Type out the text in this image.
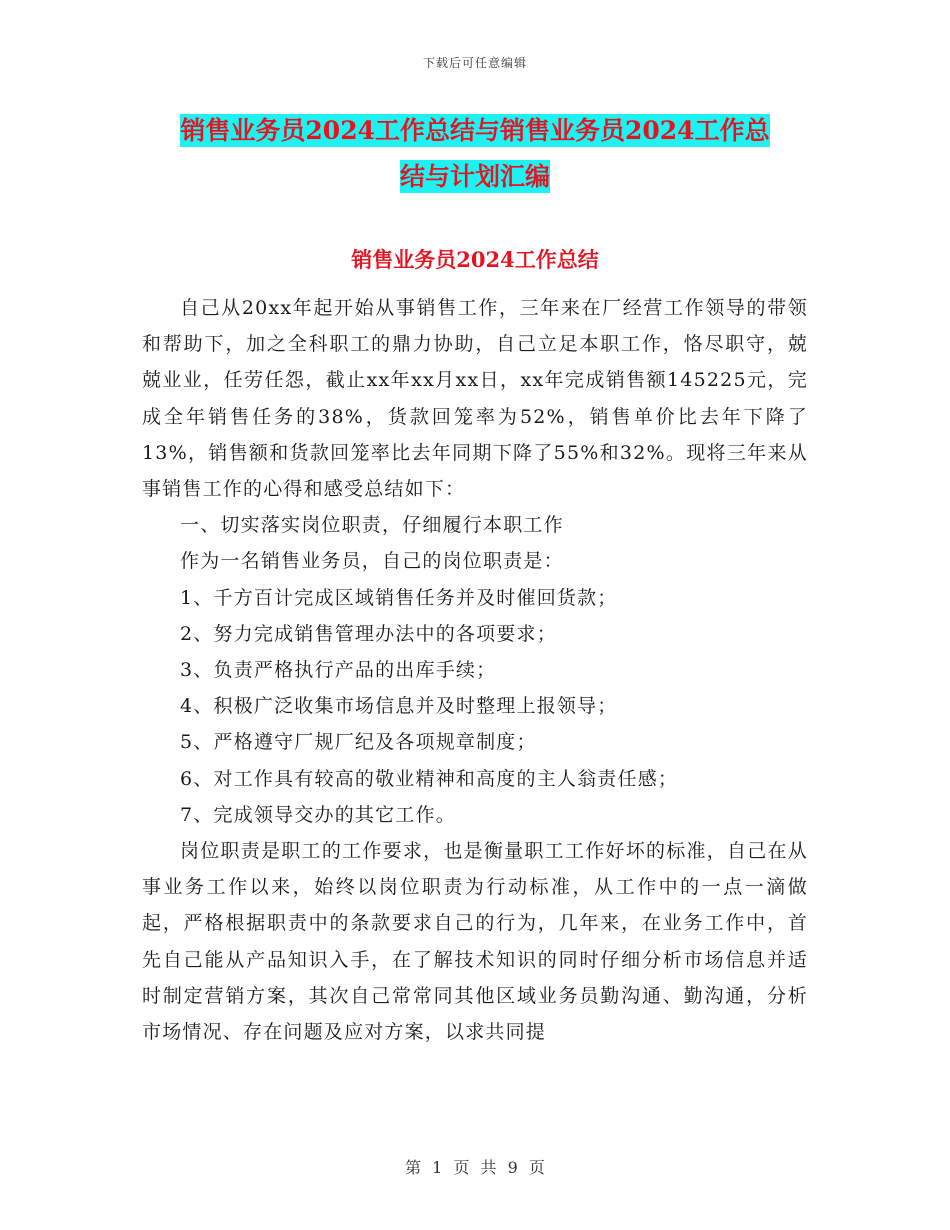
下载后可任意编辑
销售业务员2024工作总结与销售业务员2024工作总
结与计划汇编
销售业务员2024工作总结

自己从20xx年起开始从事销售工作，三年来在厂经营工作领导的带领和帮助下，加之全科职工的鼎力协助，自己立足本职工作，恪尽职守，兢兢业业，任劳任怨，截止xx年xx月xx日，xx年完成销售额145225元，完成全年销售任务的38%，货款回笼率为52%，销售单价比去年下降了13%，销售额和货款回笼率比去年同期下降了55%和32%。现将三年来从事销售工作的心得和感受总结如下：

一、切实落实岗位职责，仔细履行本职工作

作为一名销售业务员，自己的岗位职责是：

1、千方百计完成区域销售任务并及时催回货款；

2、努力完成销售管理办法中的各项要求；

3、负责严格执行产品的出库手续；

4、积极广泛收集市场信息并及时整理上报领导；

5、严格遵守厂规厂纪及各项规章制度；

6、对工作具有较高的敬业精神和高度的主人翁责任感；

7、完成领导交办的其它工作。

岗位职责是职工的工作要求，也是衡量职工工作好坏的标准，自己在从事业务工作以来，始终以岗位职责为行动标准，从工作中的一点一滴做起，严格根据职责中的条款要求自己的行为，几年来，在业务工作中，首先自己能从产品知识入手，在了解技术知识的同时仔细分析市场信息并适时制定营销方案，其次自己常常同其他区域业务员勤沟通、勤沟通，分析市场情况、存在问题及应对方案，以求共同提

第 1 页 共 9 页
